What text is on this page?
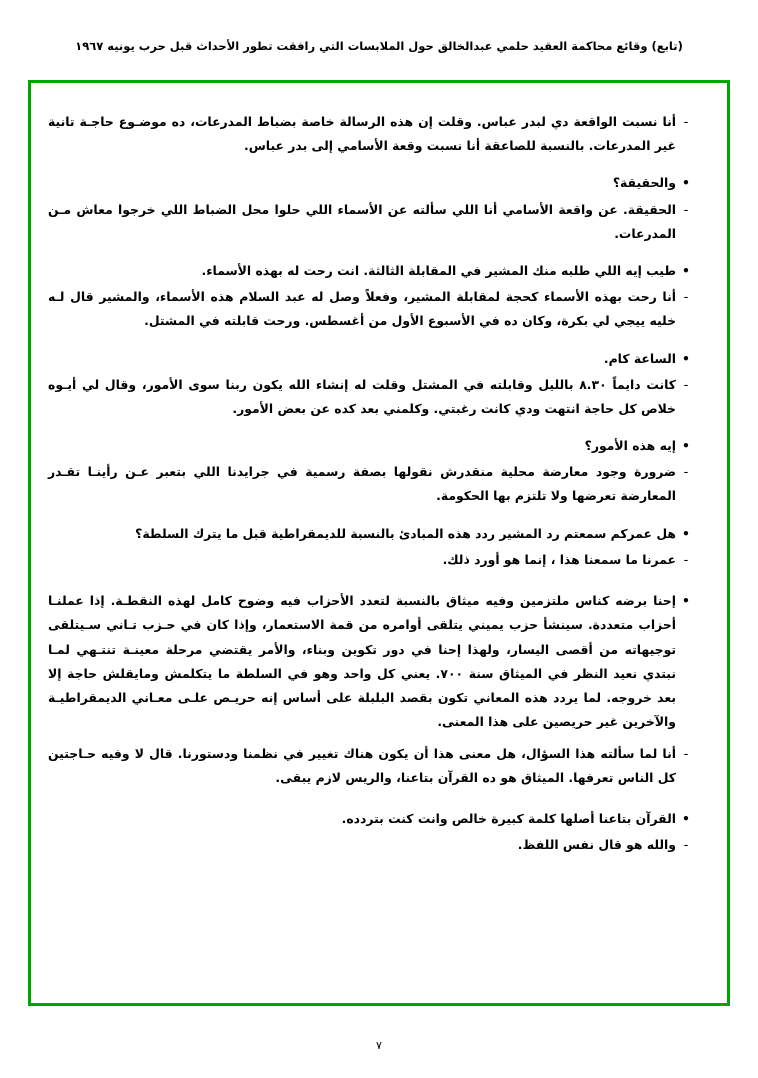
(تابع) وقائع محاكمة العقيد حلمي عبدالخالق حول الملابسات التي رافقت تطور الأحداث قبل حرب يونيه ١٩٦٧
-
أنا نسبت الواقعة دي لبدر عباس. وقلت إن هذه الرسالة خاصة بضباط المدرعات، ده موضـوع حاجـة تانية غير المدرعات. بالنسبة للصاعقة أنا نسبت وقعة الأسامي إلى بدر عباس.
•
والحقيقة؟
-
الحقيقة. عن واقعة الأسامي أنا اللي سألته عن الأسماء اللي حلوا محل الضباط اللي خرجوا معاش مـن المدرعات.
•
طيب إيه اللي طلبه منك المشير في المقابلة الثالثة. انت رحت له بهذه الأسماء.
-
أنا رحت بهذه الأسماء كحجة لمقابلة المشير، وفعلاً وصل له عبد السلام هذه الأسماء، والمشير قال لـه خليه ييجي لي بكرة، وكان ده في الأسبوع الأول من أغسطس. ورحت قابلته في المشتل.
•
الساعة كام.
-
كانت دايماً ٨.٣٠ بالليل وقابلته في المشتل وقلت له إنشاء الله يكون ربنا سوى الأمور، وقال لي أيـوه خلاص كل حاجة انتهت ودي كانت رغبتي. وكلمني بعد كده عن بعض الأمور.
•
إيه هذه الأمور؟
-
ضرورة وجود معارضة محلية منقدرش نقولها بصفة رسمية في جرايدنا اللي بتعبر عـن رأينـا تقـدر المعارضة تعرضها ولا تلتزم بها الحكومة.
•
هل عمركم سمعتم رد المشير ردد هذه المبادئ بالنسبة للديمقراطية قبل ما يترك السلطة؟
-
عمرنا ما سمعنا هذا ، إنما هو أورد ذلك.
•
إحنا برضه كناس ملتزمين وفيه ميثاق بالنسبة لتعدد الأحزاب فيه وضوح كامل لهذه النقطـة. إذا عملنـا أحزاب متعددة. سينشأ حزب يميني يتلقى أوامره من قمة الاستعمار، وإذا كان في حـزب تـاني سـيتلقى توجيهاته من أقصى اليسار، ولهذا إحنا في دور تكوين وبناء، والأمر يقتضي مرحلة معينـة تنتـهي لمـا نبتدي نعيد النظر في الميثاق سنة ٧٠٠. يعني كل واحد وهو في السلطة ما يتكلمش ومايقلش حاجة إلا بعد خروجه. لما يردد هذه المعاني تكون بقصد البلبلة على أساس إنه حريـص علـى معـاني الديمقراطيـة والآخرين غير حريصين على هذا المعنى.
-
أنا لما سألته هذا السؤال، هل معنى هذا أن يكون هناك تغيير في نظمنا ودستورنا. قال لا وفيه حـاجتين كل الناس تعرفها. الميثاق هو ده القرآن بتاعنا، والريس لازم يبقى.
•
القرآن بتاعنا أصلها كلمة كبيرة خالص وانت كنت بتردده.
-
والله هو قال نفس اللفظ.
٧
